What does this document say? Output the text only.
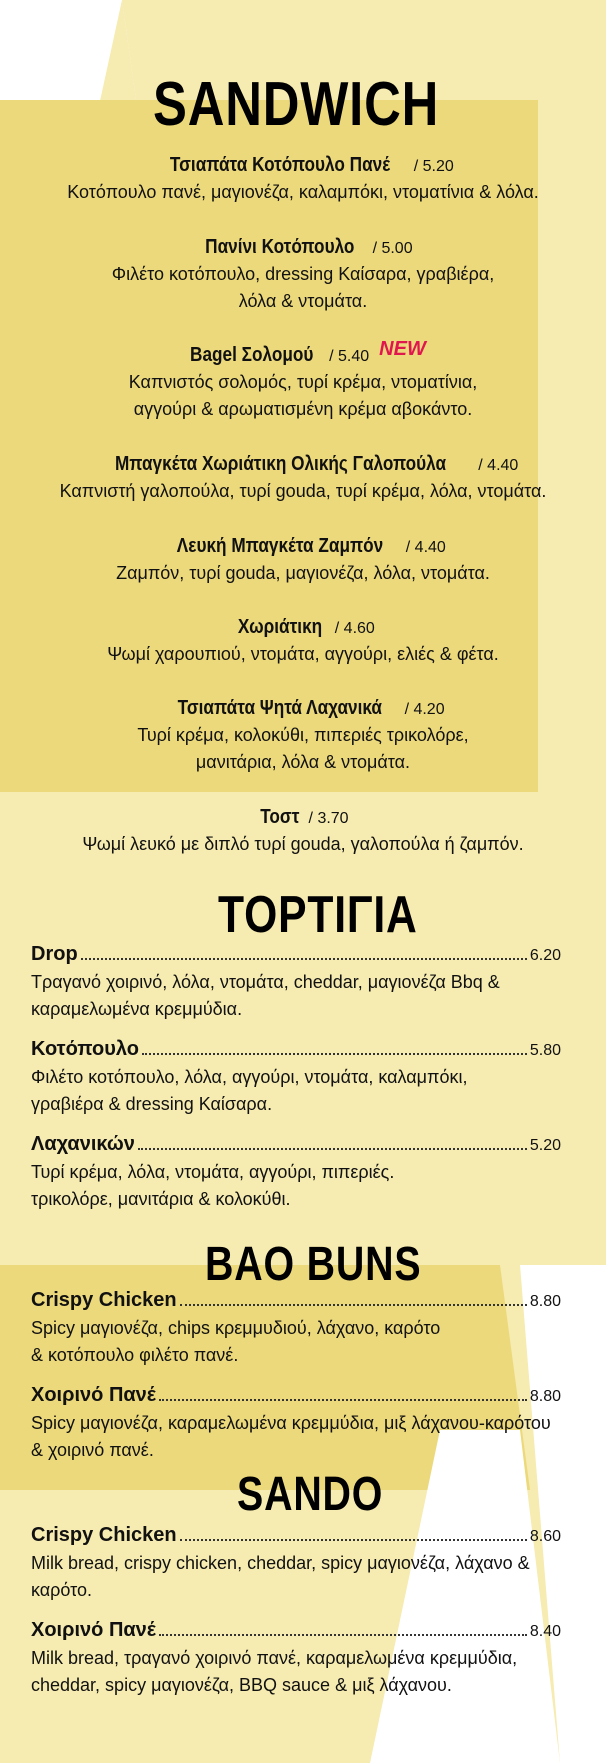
SANDWICH
Τσιαπάτα Κοτόπουλο Πανέ / 5.20
Κοτόπουλο πανέ, μαγιονέζα, καλαμπόκι, ντοματίνια & λόλα.
Πανίνι Κοτόπουλο / 5.00
Φιλέτο κοτόπουλο, dressing Καίσαρα, γραβιέρα,
λόλα & ντομάτα.
Bagel Σολομού / 5.40 NEW
Καπνιστός σολομός, τυρί κρέμα, ντοματίνια,
αγγούρι & αρωματισμένη κρέμα αβοκάντο.
Μπαγκέτα Χωριάτικη Ολικής Γαλοπούλα / 4.40
Καπνιστή γαλοπούλα, τυρί gouda, τυρί κρέμα, λόλα, ντομάτα.
Λευκή Μπαγκέτα Ζαμπόν / 4.40
Ζαμπόν, τυρί gouda, μαγιονέζα, λόλα, ντομάτα.
Χωριάτικη / 4.60
Ψωμί χαρουπιού, ντομάτα, αγγούρι, ελιές & φέτα.
Τσιαπάτα Ψητά Λαχανικά / 4.20
Τυρί κρέμα, κολοκύθι, πιπεριές τρικολόρε,
μανιτάρια, λόλα & ντομάτα.
Τοστ / 3.70
Ψωμί λευκό με διπλό τυρί gouda, γαλοπούλα ή ζαμπόν.
ΤΟΡΤΙΓΙΑ
Drop	6.20
Τραγανό χοιρινό, λόλα, ντομάτα, cheddar, μαγιονέζα Bbq &
καραμελωμένα κρεμμύδια.
Κοτόπουλο	5.80
Φιλέτο κοτόπουλο, λόλα, αγγούρι, ντομάτα, καλαμπόκι,
γραβιέρα & dressing Καίσαρα.
Λαχανικών	5.20
Τυρί κρέμα, λόλα, ντομάτα, αγγούρι, πιπεριές.
τρικολόρε, μανιτάρια & κολοκύθι.
BAO BUNS
Crispy Chicken	8.80
Spicy μαγιονέζα, chips κρεμμυδιού, λάχανο, καρότο
& κοτόπουλο φιλέτο πανέ.
Χοιρινό Πανέ	8.80
Spicy μαγιονέζα, καραμελωμένα κρεμμύδια, μιξ λάχανου-καρότου
& χοιρινό πανέ.
SANDO
Crispy Chicken	8.60
Milk bread, crispy chicken, cheddar, spicy μαγιονέζα, λάχανο &
καρότο.
Χοιρινό Πανέ	8.40
Milk bread, τραγανό χοιρινό πανέ, καραμελωμένα κρεμμύδια,
cheddar, spicy μαγιονέζα, BBQ sauce & μιξ λάχανου.
